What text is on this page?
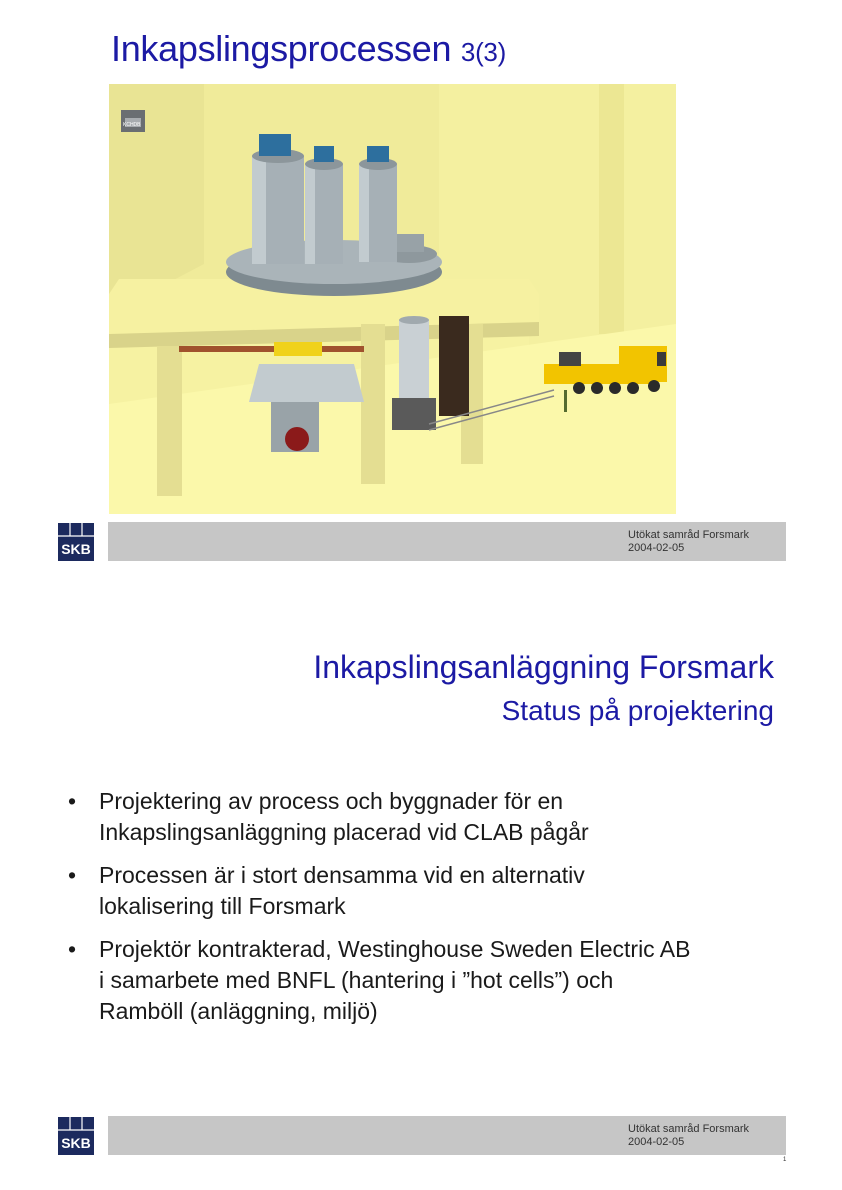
Inkapslingsprocessen 3(3)
KCHDB
SKB
Utökat samråd Forsmark
2004-02-05
Inkapslingsanläggning Forsmark
Status på projektering
• Projektering av process och byggnader för en
Inkapslingsanläggning placerad vid CLAB pågår
• Processen är i stort densamma vid en alternativ
lokalisering till Forsmark
• Projektör kontrakterad, Westinghouse Sweden Electric AB
i samarbete med BNFL (hantering i ”hot cells”) och
Ramböll (anläggning, miljö)
SKB
Utökat samråd Forsmark
2004-02-05
1
